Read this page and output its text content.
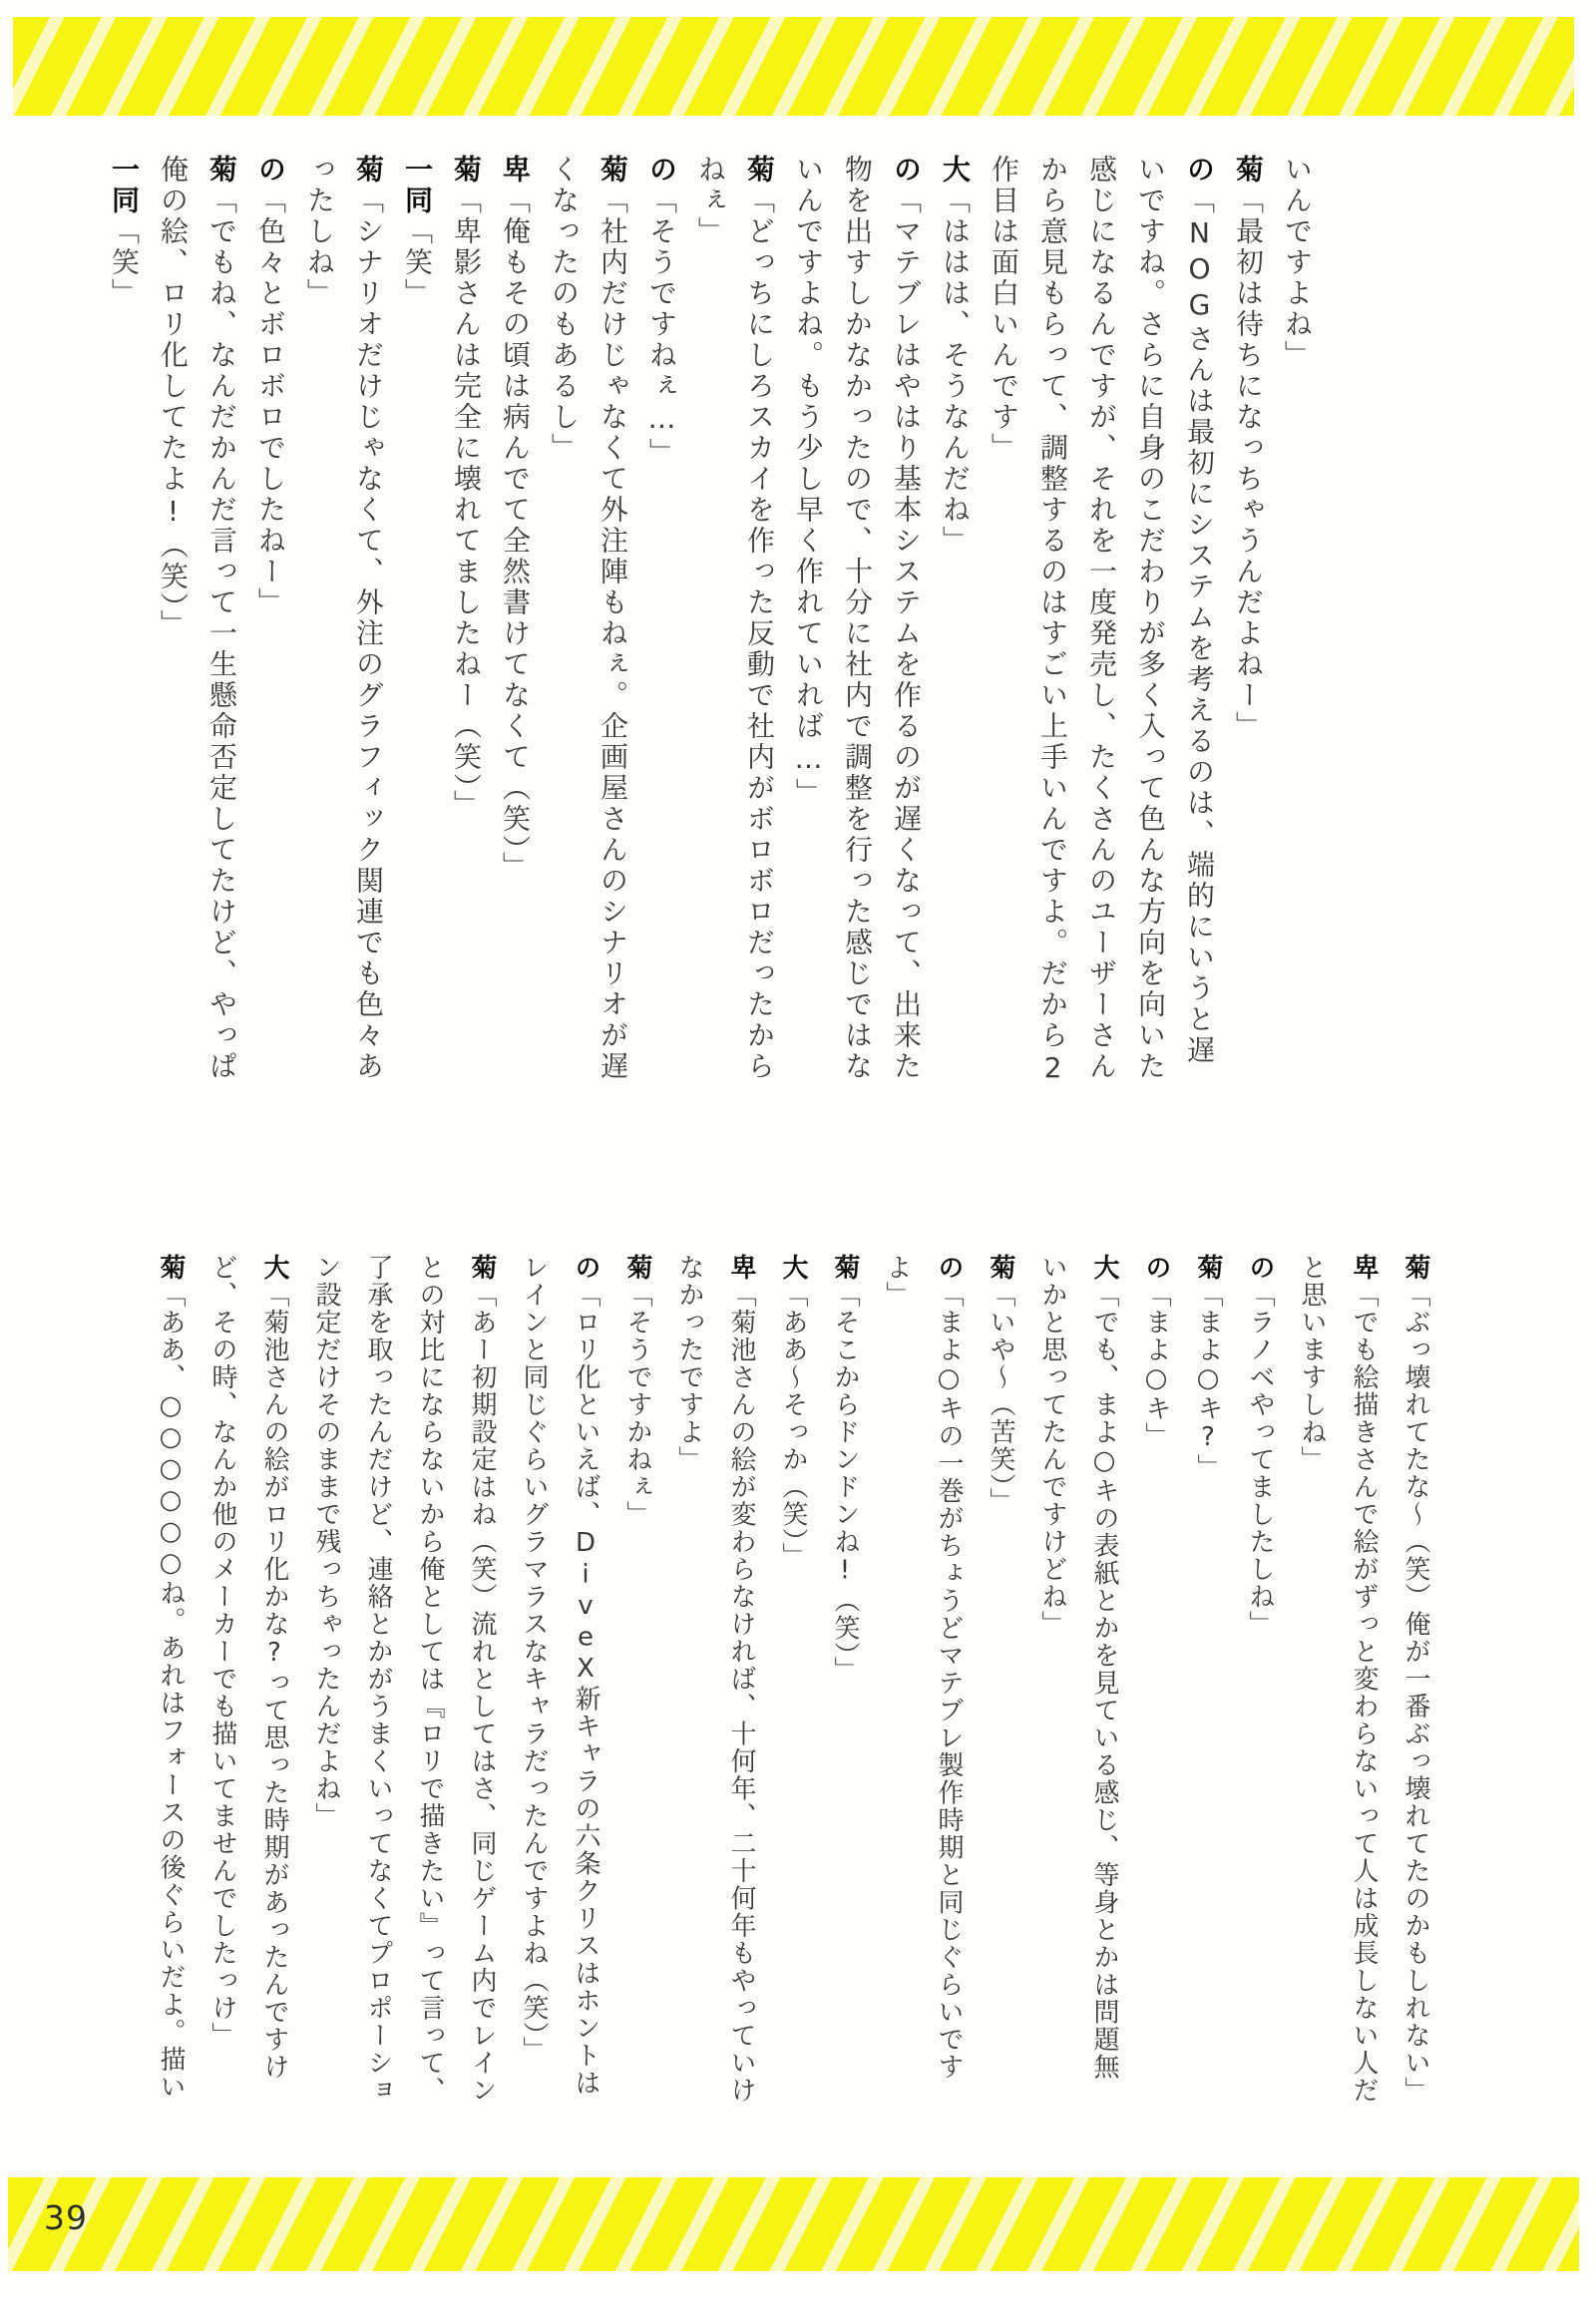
いんですよね」

菊「最初は待ちになっちゃうんだよねー」

の「NOGさんは最初にシステムを考えるのは、端的にいうと遅いですね。さらに自身のこだわりが多く入って色んな方向を向いた感じになるんですが、それを一度発売し、たくさんのユーザーさんから意見もらって、調整するのはすごい上手いんですよ。だから2作目は面白いんです」

大「ははは、そうなんだね」

の「マテブレはやはり基本システムを作るのが遅くなって、出来た物を出すしかなかったので、十分に社内で調整を行った感じではないんですよね。もう少し早く作れていれば…」

菊「どっちにしろスカイを作った反動で社内がボロボロだったからねぇ」

の「そうですねぇ…」

菊「社内だけじゃなくて外注陣もねぇ。企画屋さんのシナリオが遅くなったのもあるし」

卑「俺もその頃は病んでて全然書けてなくて（笑）」

菊「卑影さんは完全に壊れてましたねー（笑）」

一同「笑」

菊「シナリオだけじゃなくて、外注のグラフィック関連でも色々あったしね」

の「色々とボロボロでしたねー」

菊「でもね、なんだかんだ言って一生懸命否定してたけど、やっぱ俺の絵、ロリ化してたよ!（笑）」

一同「笑」

菊「ぶっ壊れてたな～（笑）俺が一番ぶっ壊れてたのかもしれない」

卑「でも絵描きさんで絵がずっと変わらないって人は成長しない人だと思いますしね」

の「ラノベやってましたしね」

菊「まよ○キ?」

の「まよ○キ」

大「でも、まよ○キの表紙とかを見ている感じ、等身とかは問題無いかと思ってたんですけどね」

菊「いや～（苦笑）」

の「まよ○キの一巻がちょうどマテブレ製作時期と同じぐらいですよ」

菊「そこからドンドンね!（笑）」

大「ああ～そっか（笑）」

卑「菊池さんの絵が変わらなければ、十何年、二十何年もやっていけなかったですよ」

菊「そうですかねぇ」

の「ロリ化といえば、DiveX新キャラの六条クリスはホントはレインと同じぐらいグラマラスなキャラだったんですよね（笑）」

菊「あー初期設定はね（笑）流れとしてはさ、同じゲーム内でレインとの対比にならないから俺としては『ロリで描きたい』って言って、了承を取ったんだけど、連絡とかがうまくいってなくてプロポーション設定だけそのままで残っちゃったんだよね」

大「菊池さんの絵がロリ化かな?って思った時期があったんですけど、その時、なんか他のメーカーでも描いてませんでしたっけ」

菊「ああ、○○○○○○ね。あれはフォースの後ぐらいだよ。描い

39
